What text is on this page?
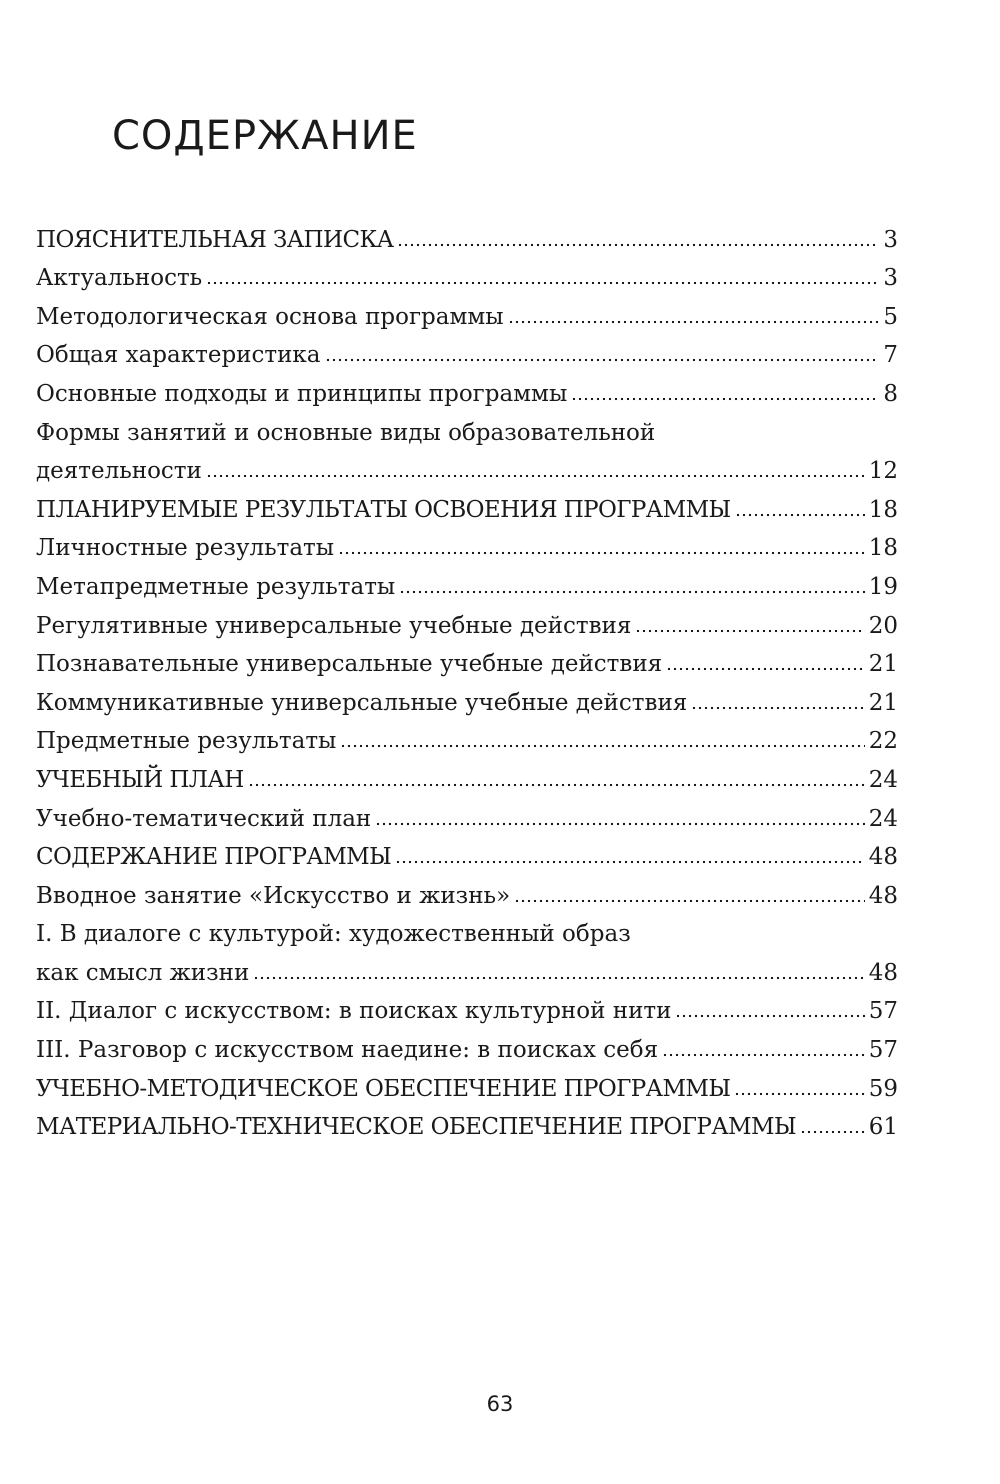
СОДЕРЖАНИЕ
ПОЯСНИТЕЛЬНАЯ ЗАПИСКА	3
Актуальность	3
Методологическая основа программы	5
Общая характеристика	7
Основные подходы и принципы программы	8
Формы занятий и основные виды образовательной
деятельности	12
ПЛАНИРУЕМЫЕ РЕЗУЛЬТАТЫ ОСВОЕНИЯ ПРОГРАММЫ	18
Личностные результаты	18
Метапредметные результаты	19
Регулятивные универсальные учебные действия	20
Познавательные универсальные учебные действия	21
Коммуникативные универсальные учебные действия	21
Предметные результаты	22
УЧЕБНЫЙ ПЛАН	24
Учебно-тематический план	24
СОДЕРЖАНИЕ ПРОГРАММЫ	48
Вводное занятие «Искусство и жизнь»	48
I. В диалоге с культурой: художественный образ
как смысл жизни	48
II. Диалог с искусством: в поисках культурной нити	57
III. Разговор с искусством наедине: в поисках себя	57
УЧЕБНО-МЕТОДИЧЕСКОЕ ОБЕСПЕЧЕНИЕ ПРОГРАММЫ	59
МАТЕРИАЛЬНО-ТЕХНИЧЕСКОЕ ОБЕСПЕЧЕНИЕ ПРОГРАММЫ	61
63
